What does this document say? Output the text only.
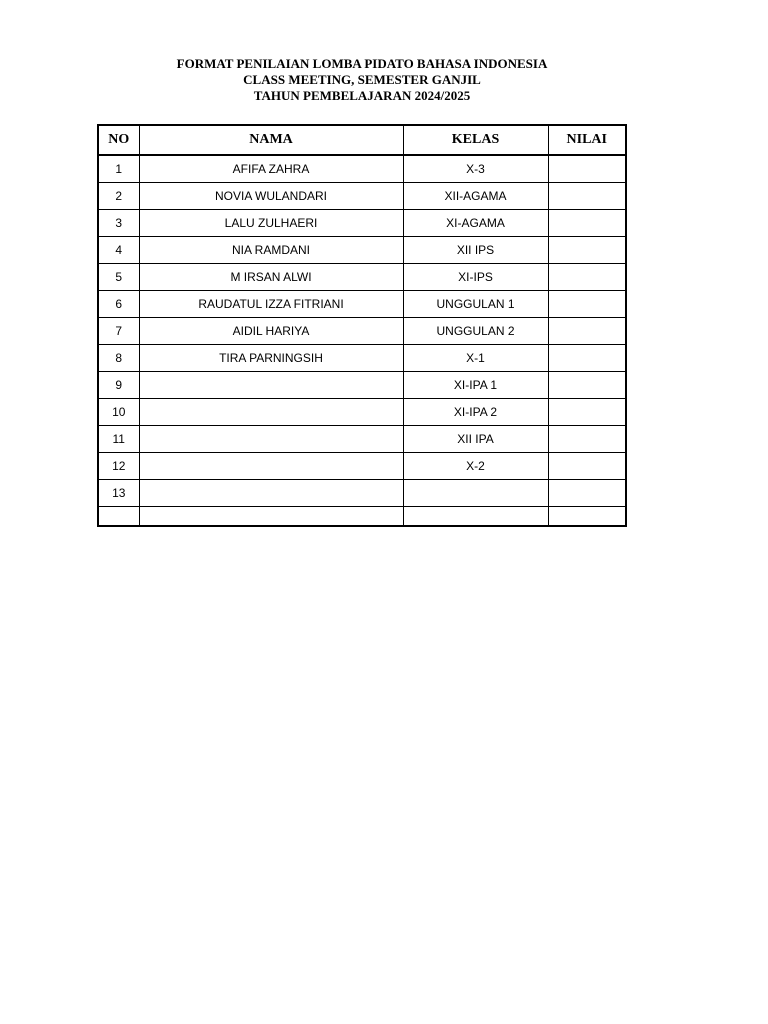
FORMAT PENILAIAN LOMBA PIDATO BAHASA INDONESIA
CLASS MEETING, SEMESTER GANJIL
TAHUN PEMBELAJARAN 2024/2025
NO	NAMA	KELAS	NILAI
1	AFIFA ZAHRA	X-3	
2	NOVIA WULANDARI	XII-AGAMA	
3	LALU ZULHAERI	XI-AGAMA	
4	NIA RAMDANI	XII IPS	
5	M IRSAN ALWI	XI-IPS	
6	RAUDATUL IZZA FITRIANI	UNGGULAN 1	
7	AIDIL HARIYA	UNGGULAN 2	
8	TIRA PARNINGSIH	X-1	
9		XI-IPA 1	
10		XI-IPA 2	
11		XII IPA	
12		X-2	
13			
